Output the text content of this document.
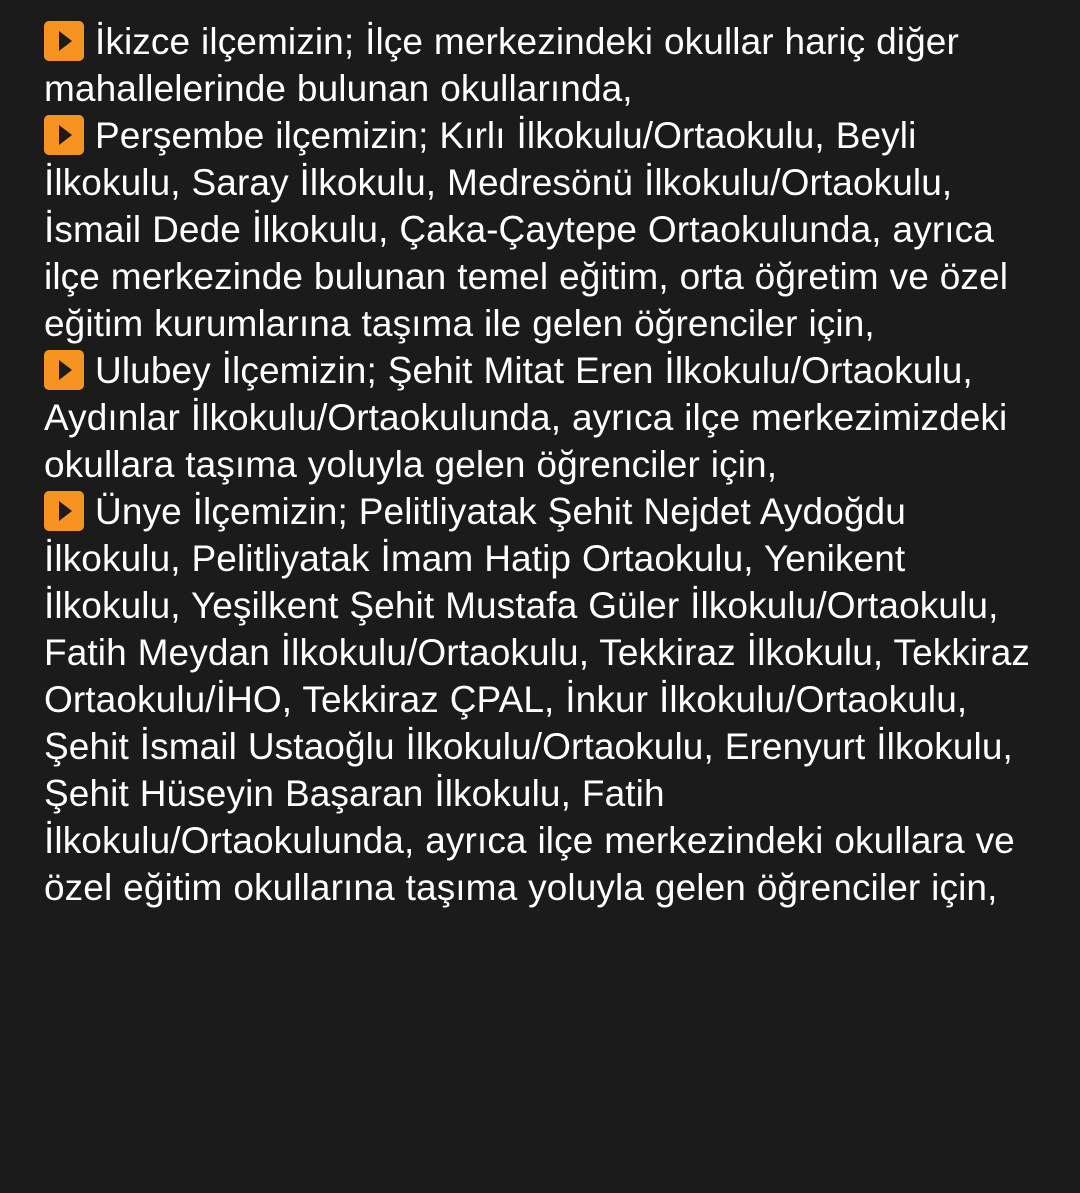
İkizce ilçemizin; İlçe merkezindeki okullar hariç diğer mahallelerinde bulunan okullarında,

Perşembe ilçemizin; Kırlı İlkokulu/Ortaokulu, Beyli İlkokulu, Saray İlkokulu, Medresönü İlkokulu/Ortaokulu, İsmail Dede İlkokulu, Çaka-Çaytepe Ortaokulunda, ayrıca ilçe merkezinde bulunan temel eğitim, orta öğretim ve özel eğitim kurumlarına taşıma ile gelen öğrenciler için,

Ulubey İlçemizin; Şehit Mitat Eren İlkokulu/Ortaokulu, Aydınlar İlkokulu/Ortaokulunda, ayrıca ilçe merkezimizdeki okullara taşıma yoluyla gelen öğrenciler için,

Ünye İlçemizin; Pelitliyatak Şehit Nejdet Aydoğdu İlkokulu, Pelitliyatak İmam Hatip Ortaokulu, Yenikent İlkokulu, Yeşilkent Şehit Mustafa Güler İlkokulu/Ortaokulu, Fatih Meydan İlkokulu/Ortaokulu, Tekkiraz İlkokulu, Tekkiraz Ortaokulu/İHO, Tekkiraz ÇPAL, İnkur İlkokulu/Ortaokulu, Şehit İsmail Ustaoğlu İlkokulu/Ortaokulu, Erenyurt İlkokulu, Şehit Hüseyin Başaran İlkokulu, Fatih İlkokulu/Ortaokulunda, ayrıca ilçe merkezindeki okullara ve özel eğitim okullarına taşıma yoluyla gelen öğrenciler için,
